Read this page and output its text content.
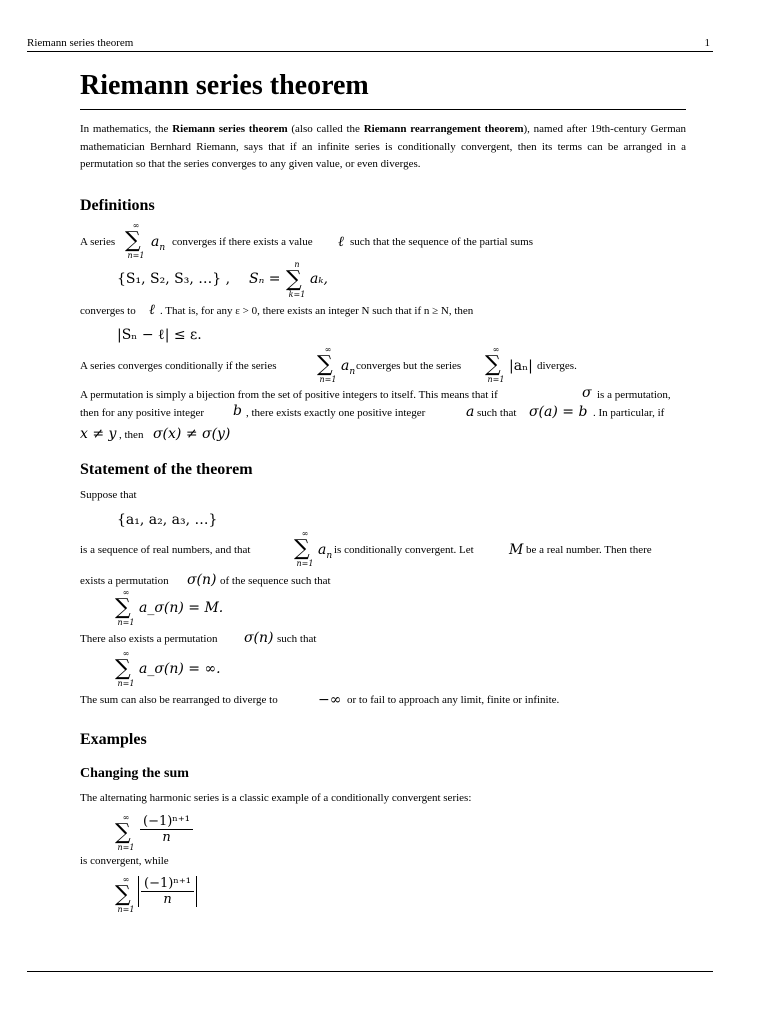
Riemann series theorem	1
Riemann series theorem
In mathematics, the Riemann series theorem (also called the Riemann rearrangement theorem), named after 19th-century German mathematician Bernhard Riemann, says that if an infinite series is conditionally convergent, then its terms can be arranged in a permutation so that the series converges to any given value, or even diverges.
Definitions
A series
∞
∑
n=1
$a_n$ converges if there exists a value ℓ such that the sequence of the partial sums
{S₁, S₂, S₃, …} , Sₙ =
n
∑
k=1
aₖ,
converges to ℓ . That is, for any ε > 0, there exists an integer N such that if n ≥ N, then
|Sₙ − ℓ| ≤ ε.
A series converges conditionally if the series
∞
∑
n=1
$a_n$ converges but the series
∞
∑
n=1
|aₙ| diverges.
A permutation is simply a bijection from the set of positive integers to itself. This means that if	σ is a permutation,
then for any positive integer b , there exists exactly one positive integer	a such that σ(a) = b . In particular, if
x ≠ y , then σ(x) ≠ σ(y)
Statement of the theorem
Suppose that
{a₁, a₂, a₃, …}
is a sequence of real numbers, and that
∞
∑
n=1
$a_n$ is conditionally convergent. Let	M be a real number. Then there
exists a permutation σ(n) of the sequence such that
∞
∑
n=1
a_σ(n) = M.
There also exists a permutation σ(n) such that
∞
∑
n=1
a_σ(n) = ∞.
The sum can also be rearranged to diverge to	−∞ or to fail to approach any limit, finite or infinite.
Examples
Changing the sum
The alternating harmonic series is a classic example of a conditionally convergent series:
∞
∑
n=1
$\frac{\text{(−1)ⁿ⁺¹}}{n}$
is convergent, while
∞
∑
n=1
$\frac{\text{(−1)ⁿ⁺¹}}{n}$
